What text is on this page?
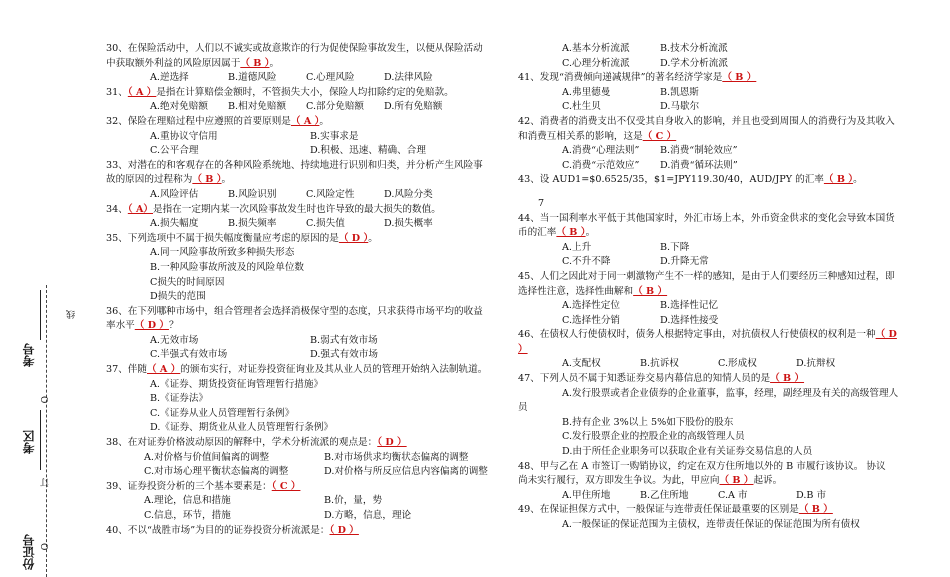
考号
O
考区
订
O
份证号
线
30、在保险活动中，人们以不诚实或故意欺诈的行为促使保险事故发生，以便从保险活动
中获取额外利益的风险原因属于（ B ）。
A.逆选择	B.道德风险	C.心理风险	D.法律风险
31、（ A ）是指在计算赔偿金额时，不管损失大小，保险人均扣除约定的免赔款。
A.绝对免赔额 B.相对免赔额 C.部分免赔额 D.所有免赔额
32、保险在理赔过程中应遵照的首要原则是（ A ）。
A.重协议守信用	B.实事求是
C.公平合理	D.积极、迅速、精确、合理
33、对潜在的和客观存在的各种风险系统地、持续地进行识别和归类，并分析产生风险事
故的原因的过程称为（ B ）。
A.风险评估	B.风险识别	C.风险定性	D.风险分类
34、（ A）是指在一定期内某一次风险事故发生时也许导致的最大损失的数值。
A.损失幅度	B.损失频率	C.损失值	D.损失概率
35、下列选项中不属于损失幅度衡量应考虑的原因的是（ D ）。
A.同一风险事故所致多种损失形态
B.一种风险事故所波及的风险单位数
C损失的时间原因
D损失的范围
36、在下列哪种市场中，组合管理者会选择消极保守型的态度，只求获得市场平均的收益
率水平（ D ）？
A.无效市场	B.弱式有效市场
C.半强式有效市场	D.强式有效市场
37、伴随（ A ）的颁布实行，对证券投资征询业及其从业人员的管理开始纳入法制轨道。
A.《证券、期货投资征询管理暂行措施》
B.《证券法》
C.《证券从业人员管理暂行条例》
D.《证券、期货业从业人员管理暂行条例》
38、在对证券价格波动原因的解释中，学术分析流派的观点是：（ D ）
A.对价格与价值间偏离的调整	B.对市场供求均衡状态偏离的调整
C.对市场心理平衡状态偏离的调整	D.对价格与所反应信息内容偏离的调整
39、证券投资分析的三个基本要素是：（ C ）
A.理论，信息和措施	B.价，量，势
C.信息，环节，措施	D.方略，信息，理论
40、不以“战胜市场”为目的的证券投资分析流派是：（ D ）
A.基本分析流派	B.技术分析流派
C.心理分析流派	D.学术分析流派
41、发现“消费倾向递减规律”的著名经济学家是（ B ）
A.弗里德曼	B.凯恩斯
C.杜生贝	D.马歇尔
42、消费者的消费支出不仅受其自身收入的影响，并且也受到周围人的消费行为及其收入
和消费互相关系的影响，这是（ C ）
A.消费“心理法则” B.消费“制轮效应”
C.消费“示范效应” D.消费“循环法则”
43、设 AUD1=$0.6525/35，$1=JPY119.30/40，AUD/JPY 的汇率（ B ）。
7
44、当一国利率水平低于其他国家时，外汇市场上本，外币资金供求的变化会导致本国货
币的汇率（ B ）。
A.上升	B.下降
C.不升不降	D.升降无常
45、人们之因此对于同一刺激物产生不一样的感知，是由于人们要经历三种感知过程，即
选择性注意，选择性曲解和（ B ）
A.选择性定位	B.选择性记忆
C.选择性分销	D.选择性接受
46、在债权人行使债权时，债务人根据特定事由，对抗债权人行使债权的权利是一种（ D
）
A.支配权	B.抗诉权	C.形成权	D.抗辩权
47、下列人员不属于知悉证券交易内幕信息的知情人员的是（ B ）
A.发行股票或者企业债券的企业董事，监事，经理，副经理及有关的高级管理人
员
B.持有企业 3%以上 5%如下股份的股东
C.发行股票企业的控股企业的高级管理人员
D.由于所任企业职务可以获取企业有关证券交易信息的人员
48、甲与乙在 A 市签订一购销协议，约定在双方住所地以外的 B 市履行该协议。 协议
尚未实行履行，双方即发生争议。为此，甲应向（ B ）起诉。
A.甲住所地	B.乙住所地	C.A 市	D.B 市
49、在保证担保方式中，一般保证与连带责任保证最重要的区别是（ B ）
A.一般保证的保证范围为主债权，连带责任保证的保证范围为所有债权
